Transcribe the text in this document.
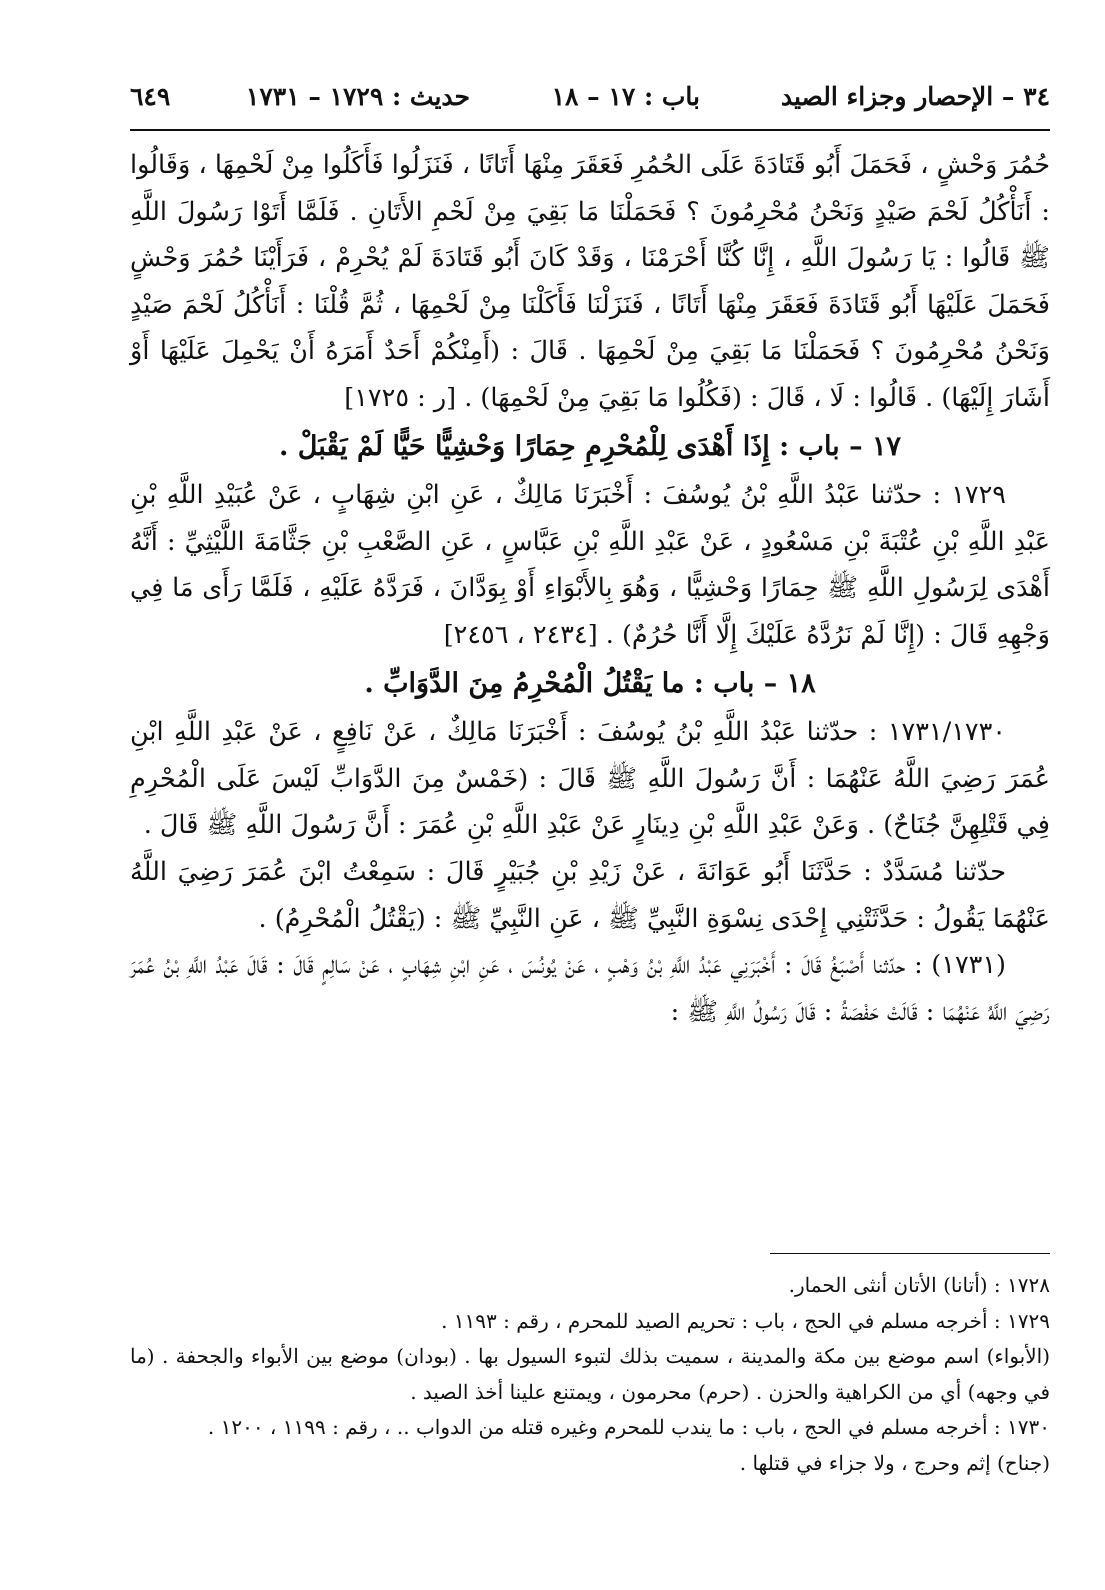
٣٤ – الإحصار وجزاء الصيد
باب : ١٧ – ١٨
حديث : ١٧٢٩ – ١٧٣١
٦٤٩

حُمُرَ وَحْشٍ ، فَحَمَلَ أَبُو قَتَادَةَ عَلَى الحُمُرِ فَعَقَرَ مِنْهَا أَتَانًا ، فَنَزَلُوا فَأَكَلُوا مِنْ لَحْمِهَا ، وَقَالُوا : أَنَأْكُلُ لَحْمَ صَيْدٍ وَنَحْنُ مُحْرِمُونَ ؟ فَحَمَلْنَا مَا بَقِيَ مِنْ لَحْمِ الأَتَانِ . فَلَمَّا أَتَوْا رَسُولَ اللَّهِ ﷺ قَالُوا : يَا رَسُولَ اللَّهِ ، إِنَّا كُنَّا أَحْرَمْنَا ، وَقَدْ كَانَ أَبُو قَتَادَةَ لَمْ يُحْرِمْ ، فَرَأَيْنَا حُمُرَ وَحْشٍ فَحَمَلَ عَلَيْهَا أَبُو قَتَادَةَ فَعَقَرَ مِنْهَا أَتَانًا ، فَنَزَلْنَا فَأَكَلْنَا مِنْ لَحْمِهَا ، ثُمَّ قُلْنَا : أَنَأْكُلُ لَحْمَ صَيْدٍ وَنَحْنُ مُحْرِمُونَ ؟ فَحَمَلْنَا مَا بَقِيَ مِنْ لَحْمِهَا . قَالَ : (أَمِنْكُمْ أَحَدٌ أَمَرَهُ أَنْ يَحْمِلَ عَلَيْهَا أَوْ أَشَارَ إِلَيْهَا) . قَالُوا : لَا ، قَالَ : (فَكُلُوا مَا بَقِيَ مِنْ لَحْمِهَا) . [ر : ١٧٢٥]

١٧ – باب : إِذَا أَهْدَى لِلْمُحْرِمِ حِمَارًا وَحْشِيًّا حَيًّا لَمْ يَقْبَلْ .

١٧٢٩ : حدّثنا عَبْدُ اللَّهِ بْنُ يُوسُفَ : أَخْبَرَنَا مَالِكٌ ، عَنِ ابْنِ شِهَابٍ ، عَنْ عُبَيْدِ اللَّهِ بْنِ عَبْدِ اللَّهِ بْنِ عُتْبَةَ بْنِ مَسْعُودٍ ، عَنْ عَبْدِ اللَّهِ بْنِ عَبَّاسٍ ، عَنِ الصَّعْبِ بْنِ جَثَّامَةَ اللَّيْثِيِّ : أَنَّهُ أَهْدَى لِرَسُولِ اللَّهِ ﷺ حِمَارًا وَحْشِيًّا ، وَهُوَ بِالأَبْوَاءِ أَوْ بِوَدَّانَ ، فَرَدَّهُ عَلَيْهِ ، فَلَمَّا رَأَى مَا فِي وَجْهِهِ قَالَ : (إِنَّا لَمْ نَرُدَّهُ عَلَيْكَ إِلَّا أَنَّا حُرُمٌ) . [٢٤٣٤ ، ٢٤٥٦]

١٨ – باب : ما يَقْتُلُ الْمُحْرِمُ مِنَ الدَّوَابِّ .

١٧٣١/١٧٣٠ : حدّثنا عَبْدُ اللَّهِ بْنُ يُوسُفَ : أَخْبَرَنَا مَالِكٌ ، عَنْ نَافِعٍ ، عَنْ عَبْدِ اللَّهِ ابْنِ عُمَرَ رَضِيَ اللَّهُ عَنْهُمَا : أَنَّ رَسُولَ اللَّهِ ﷺ قَالَ : (خَمْسٌ مِنَ الدَّوَابِّ لَيْسَ عَلَى الْمُحْرِمِ فِي قَتْلِهِنَّ جُنَاحٌ) . وَعَنْ عَبْدِ اللَّهِ بْنِ دِينَارٍ عَنْ عَبْدِ اللَّهِ بْنِ عُمَرَ : أَنَّ رَسُولَ اللَّهِ ﷺ قَالَ .

حدّثنا مُسَدَّدٌ : حَدَّثَنَا أَبُو عَوَانَةَ ، عَنْ زَيْدِ بْنِ جُبَيْرٍ قَالَ : سَمِعْتُ ابْنَ عُمَرَ رَضِيَ اللَّهُ عَنْهُمَا يَقُولُ : حَدَّثَتْنِي إِحْدَى نِسْوَةِ النَّبِيِّ ﷺ ، عَنِ النَّبِيِّ ﷺ : (يَقْتُلُ الْمُحْرِمُ) .

(١٧٣١) : حدّثنا أَصْبَغُ قَالَ : أَخْبَرَنِي عَبْدُ اللَّهِ بْنُ وَهْبٍ ، عَنْ يُونُسَ ، عَنِ ابْنِ شِهَابٍ ، عَنْ سَالِمٍ قَالَ : قَالَ عَبْدُ اللَّهِ بْنُ عُمَرَ رَضِيَ اللَّهُ عَنْهُمَا : قَالَتْ حَفْصَةُ : قَالَ رَسُولُ اللَّهِ ﷺ :

١٧٢٨ : (أتانا) الأتان أنثى الحمار.

١٧٢٩ : أخرجه مسلم في الحج ، باب : تحريم الصيد للمحرم ، رقم : ١١٩٣ .

(الأبواء) اسم موضع بين مكة والمدينة ، سميت بذلك لتبوء السيول بها . (بودان) موضع بين الأبواء والجحفة . (ما في وجهه) أي من الكراهية والحزن . (حرم) محرمون ، ويمتنع علينا أخذ الصيد .

١٧٣٠ : أخرجه مسلم في الحج ، باب : ما يندب للمحرم وغيره قتله من الدواب .. ، رقم : ١١٩٩ ، ١٢٠٠ .

(جناح) إثم وحرج ، ولا جزاء في قتلها .
